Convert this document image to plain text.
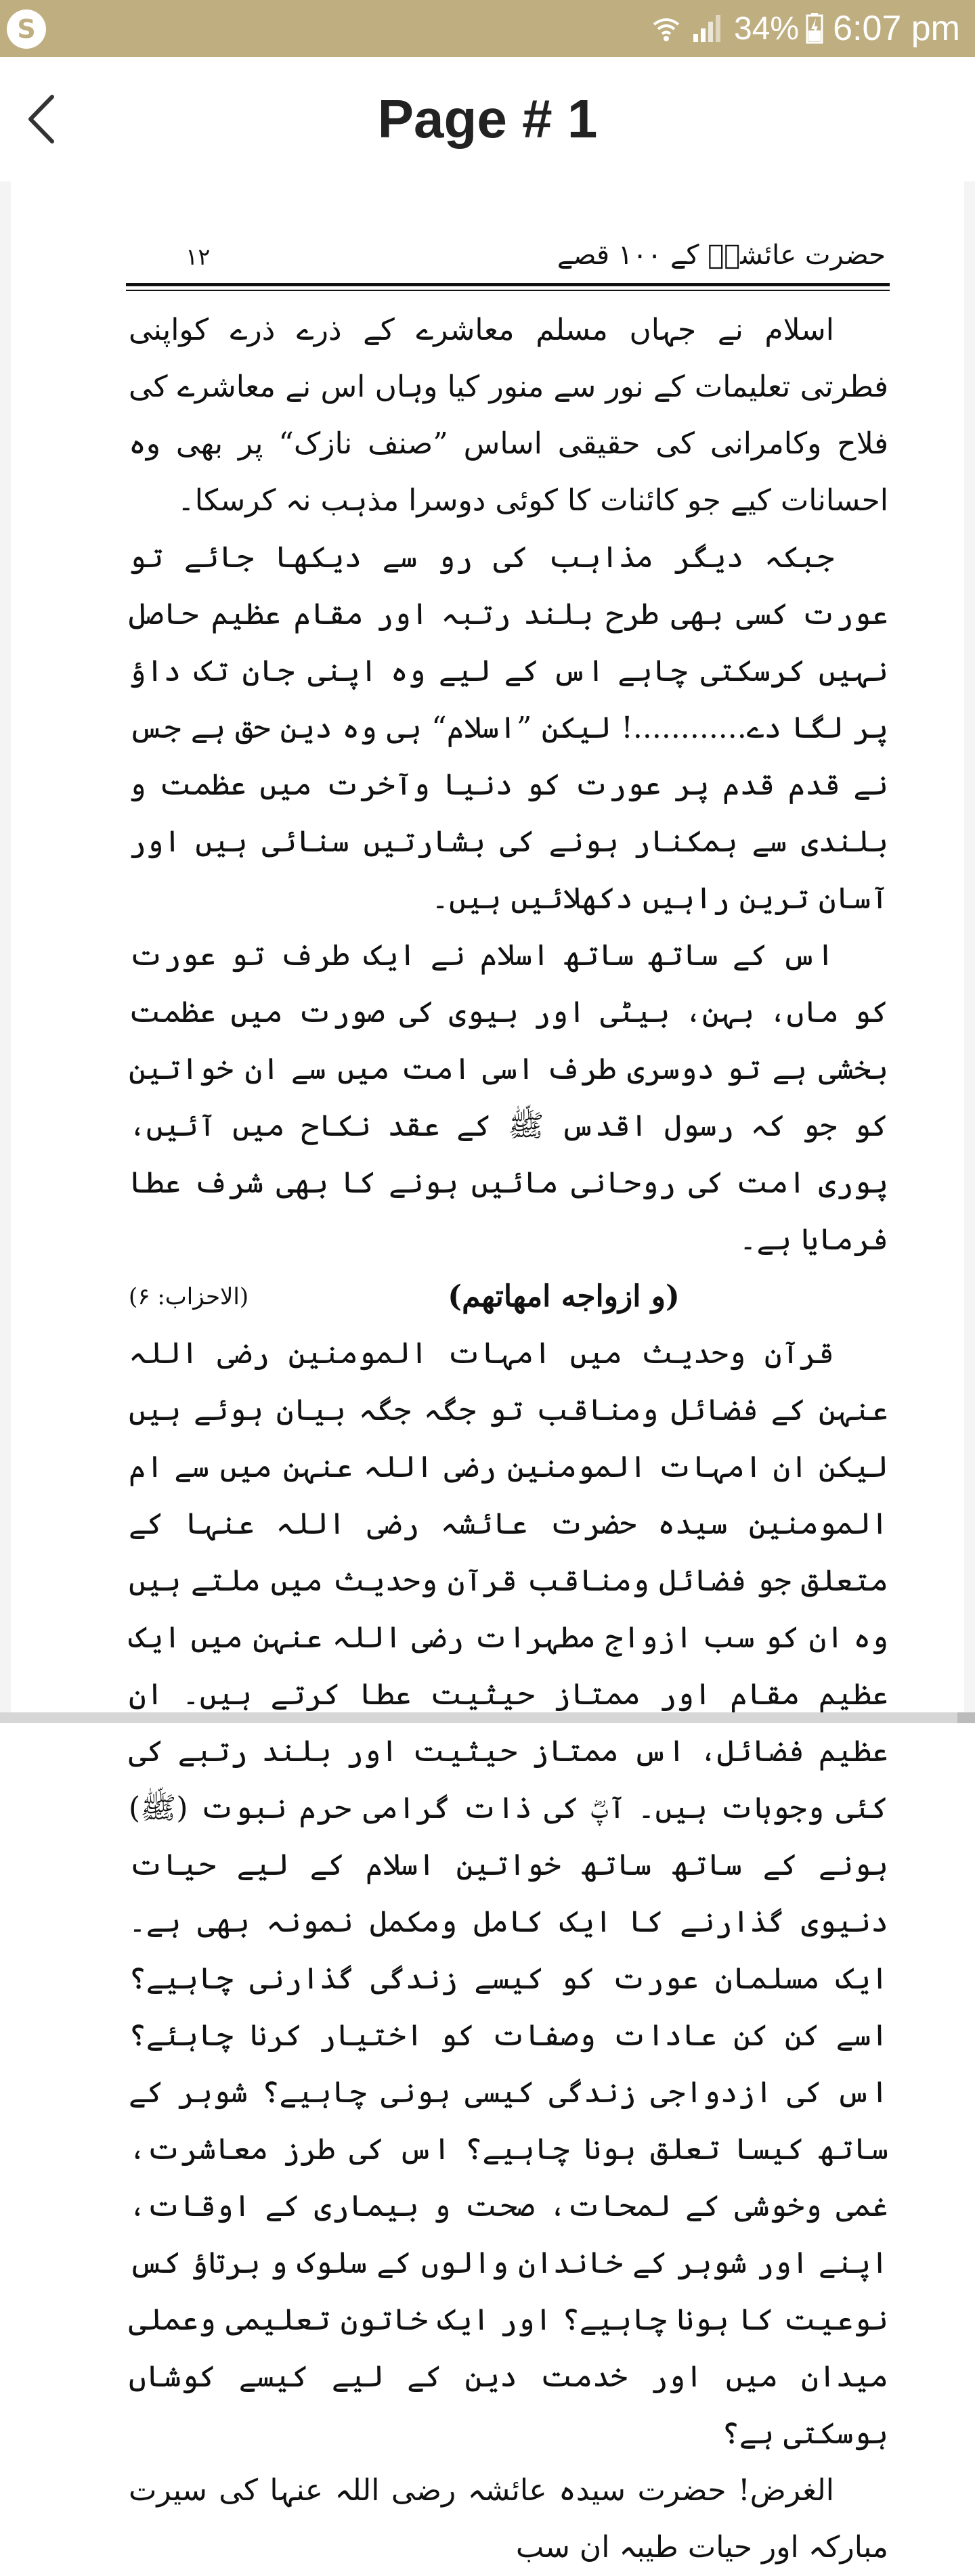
S	34% 6:07 pm
Page # 1
۱۲	حضرت عائشہؓ کے ۱۰۰ قصے

اسلام نے جہاں مسلم معاشرے کے ذرے ذرے کواپنی فطرتی تعلیمات کے نور سے منور کیا وہاں اس نے معاشرے کی فلاح وکامرانی کی حقیقی اساس ”صنف نازک“ پر بھی وہ احسانات کیے جو کائنات کا کوئی دوسرا مذہب نہ کرسکا۔

جبکہ دیگر مذاہب کی رو سے دیکھا جائے تو عورت کسی بھی طرح بلند رتبہ اور مقام عظیم حاصل نہیں کرسکتی چاہے اس کے لیے وہ اپنی جان تک داؤ پر لگا دے............! لیکن ”اسلام“ ہی وہ دین حق ہے جس نے قدم قدم پر عورت کو دنیا وآخرت میں عظمت و بلندی سے ہمکنار ہونے کی بشارتیں سنائی ہیں اور آسان ترین راہیں دکھلائیں ہیں۔

اس کے ساتھ ساتھ اسلام نے ایک طرف تو عورت کو ماں، بہن، بیٹی اور بیوی کی صورت میں عظمت بخشی ہے تو دوسری طرف اسی امت میں سے ان خواتین کو جو کہ رسول اقدس ﷺ کے عقد نکاح میں آئیں، پوری امت کی روحانی مائیں ہونے کا بھی شرف عطا فرمایا ہے۔

(و ازواجه امهاتهم)
(الاحزاب: ۶)

قرآن وحدیث میں امہات المومنین رضی اللہ عنہن کے فضائل ومناقب تو جگہ جگہ بیان ہوئے ہیں لیکن ان امہات المومنین رضی اللہ عنہن میں سے ام المومنین سیدہ حضرت عائشہ رضی اللہ عنہا کے متعلق جو فضائل ومناقب قرآن وحدیث میں ملتے ہیں وہ ان کو سب ازواج مطہرات رضی اللہ عنہن میں ایک عظیم مقام اور ممتاز حیثیت عطا کرتے ہیں۔ ان عظیم فضائل، اس ممتاز حیثیت اور بلند رتبے کی کئی وجوہات ہیں۔ آپؓ کی ذات گرامی حرم نبوت (ﷺ) ہونے کے ساتھ ساتھ خواتین اسلام کے لیے حیات دنیوی گذارنے کا ایک کامل ومکمل نمونہ بھی ہے۔ ایک مسلمان عورت کو کیسے زندگی گذارنی چاہیے؟ اسے کن کن عادات وصفات کو اختیار کرنا چاہئے؟ اس کی ازدواجی زندگی کیسی ہونی چاہیے؟ شوہر کے ساتھ کیسا تعلق ہونا چاہیے؟ اس کی طرز معاشرت، غمی وخوشی کے لمحات، صحت و بیماری کے اوقات، اپنے اور شوہر کے خاندان والوں کے سلوک و برتاؤ کس نوعیت کا ہونا چاہیے؟ اور ایک خاتون تعلیمی وعملی میدان میں اور خدمت دین کے لیے کیسے کوشاں ہوسکتی ہے؟

الغرض! حضرت سیدہ عائشہ رضی اللہ عنہا کی سیرت مبارکہ اور حیات طیبہ ان سب
